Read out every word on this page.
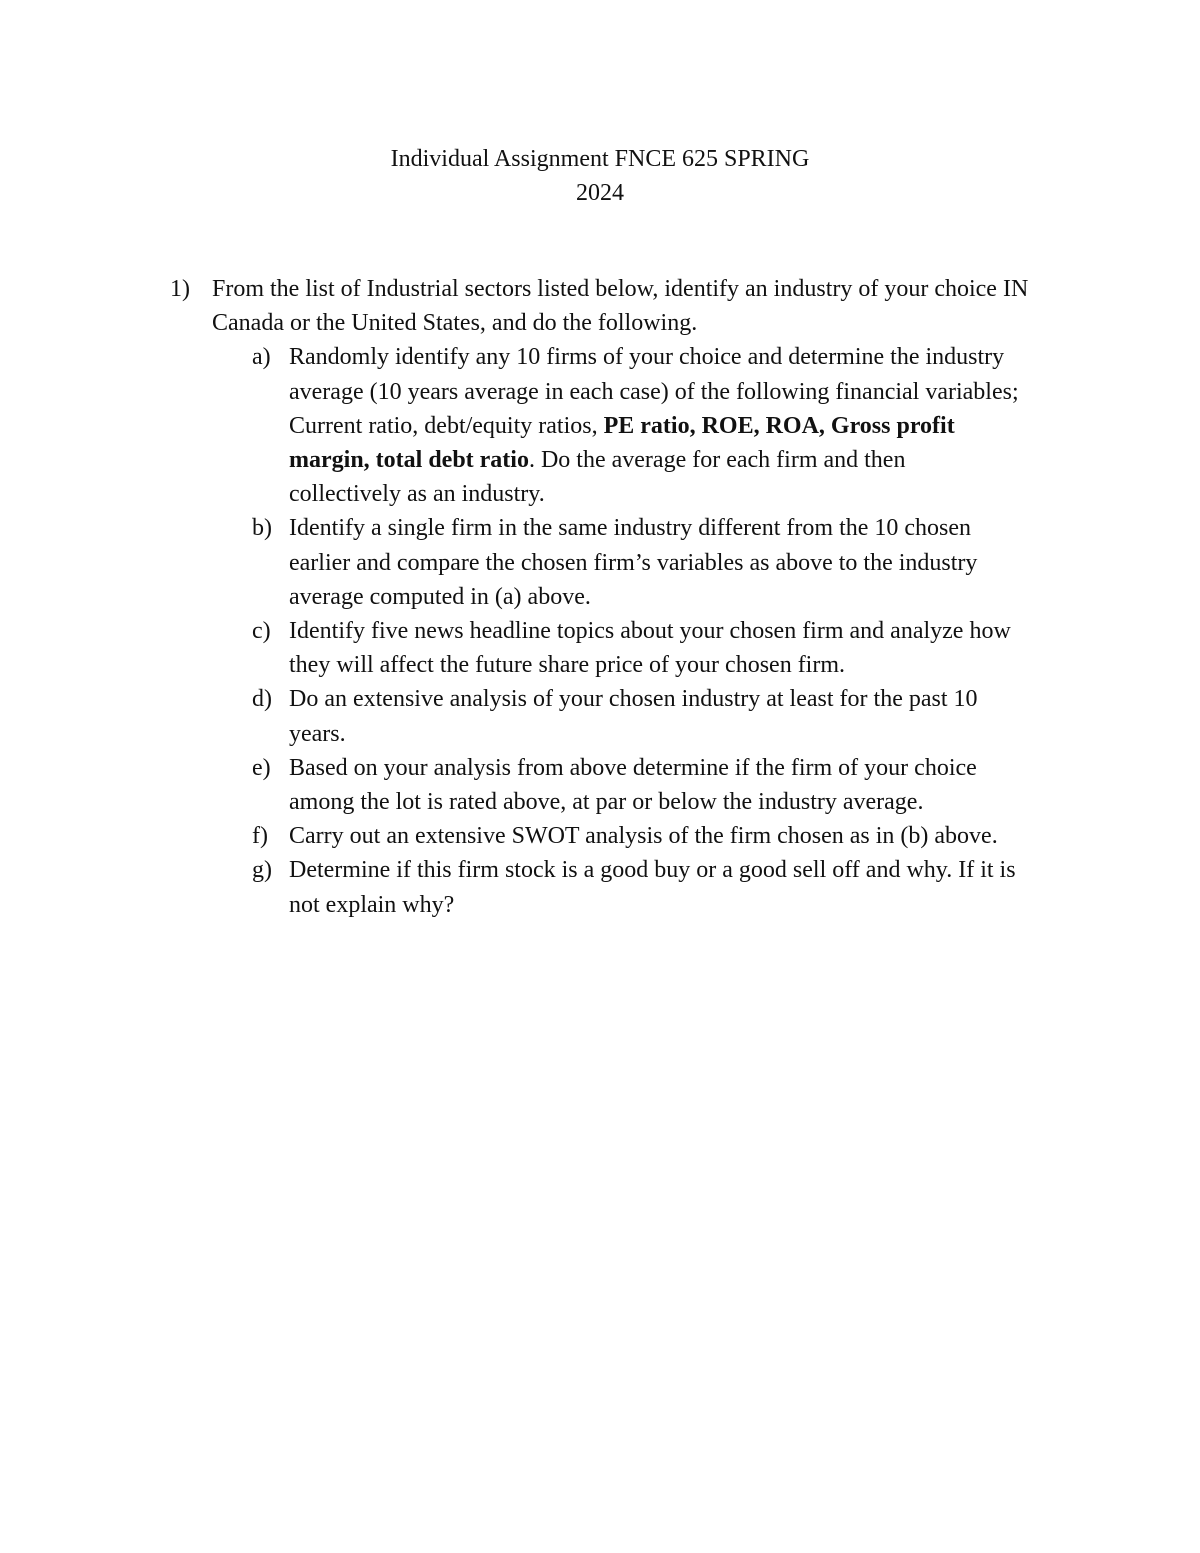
Individual Assignment FNCE 625 SPRING
2024
1) From the list of Industrial sectors listed below, identify an industry of your choice IN Canada or the United States, and do the following.
a) Randomly identify any 10 firms of your choice and determine the industry average (10 years average in each case) of the following financial variables; Current ratio, debt/equity ratios, PE ratio, ROE, ROA, Gross profit margin, total debt ratio. Do the average for each firm and then collectively as an industry.
b) Identify a single firm in the same industry different from the 10 chosen earlier and compare the chosen firm’s variables as above to the industry average computed in (a) above.
c) Identify five news headline topics about your chosen firm and analyze how they will affect the future share price of your chosen firm.
d) Do an extensive analysis of your chosen industry at least for the past 10 years.
e) Based on your analysis from above determine if the firm of your choice among the lot is rated above, at par or below the industry average.
f) Carry out an extensive SWOT analysis of the firm chosen as in (b) above.
g) Determine if this firm stock is a good buy or a good sell off and why. If it is not explain why?
